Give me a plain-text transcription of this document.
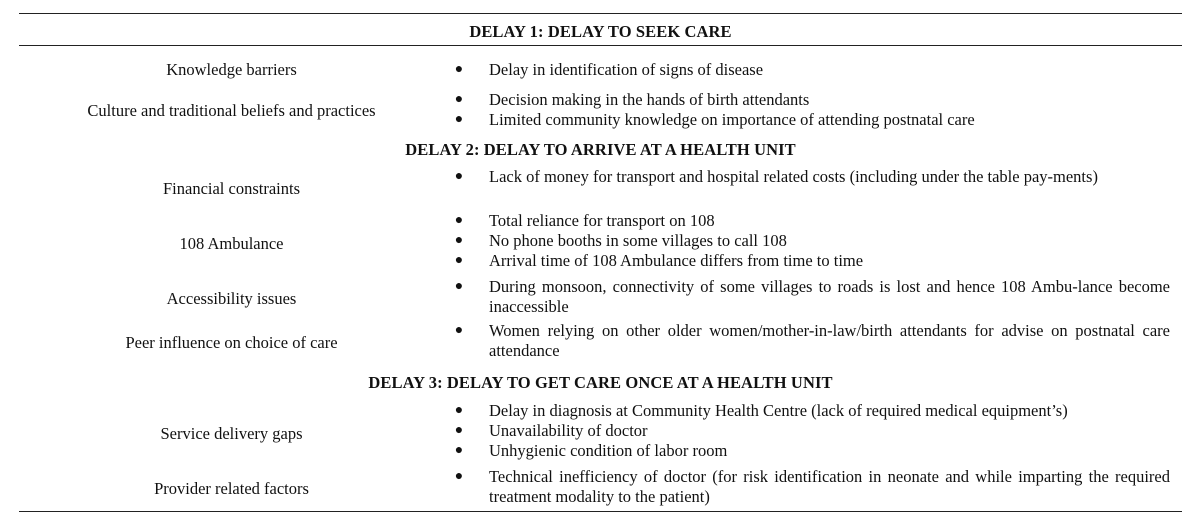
DELAY 1: DELAY TO SEEK CARE
Knowledge barriers	● Delay in identification of signs of disease
Culture and traditional beliefs and practices
● Decision making in the hands of birth attendants
● Limited community knowledge on importance of attending postnatal care
DELAY 2: DELAY TO ARRIVE AT A HEALTH UNIT
Financial constraints
● Lack of money for transport and hospital related costs (including under the table pay-ments)
108 Ambulance
● Total reliance for transport on 108
● No phone booths in some villages to call 108
● Arrival time of 108 Ambulance differs from time to time
Accessibility issues
● During monsoon, connectivity of some villages to roads is lost and hence 108 Ambu-lance become inaccessible
Peer influence on choice of care
● Women relying on other older women/mother-in-law/birth attendants for advise on postnatal care attendance
DELAY 3: DELAY TO GET CARE ONCE AT A HEALTH UNIT
Service delivery gaps
● Delay in diagnosis at Community Health Centre (lack of required medical equipment’s)
● Unavailability of doctor
● Unhygienic condition of labor room
Provider related factors
● Technical inefficiency of doctor (for risk identification in neonate and while imparting the required treatment modality to the patient)
